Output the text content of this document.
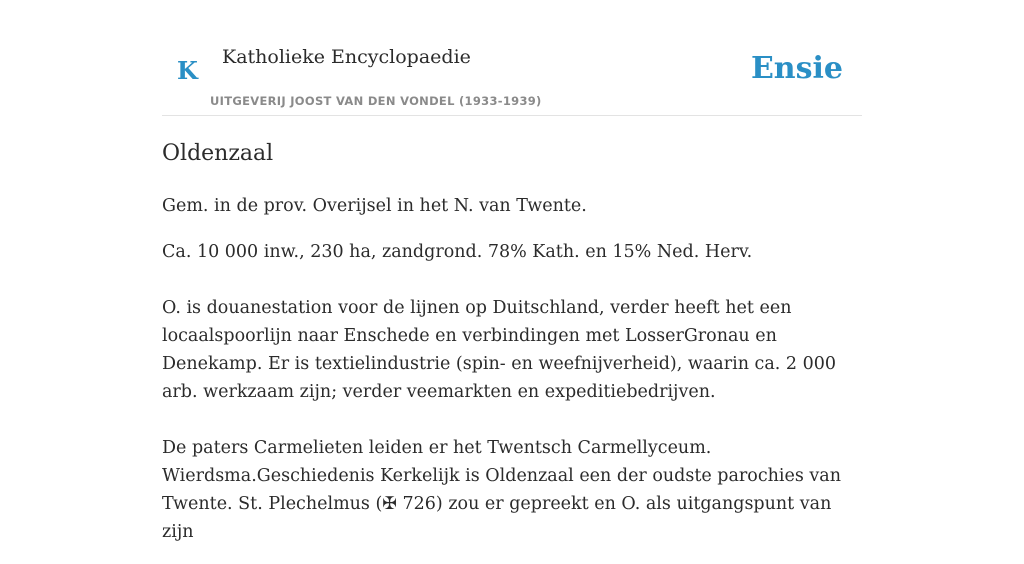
K Katholieke Encyclopaedie
UITGEVERIJ JOOST VAN DEN VONDEL (1933-1939)
Ensie
Oldenzaal

Gem. in de prov. Overijsel in het N. van Twente.

Ca. 10 000 inw., 230 ha, zandgrond. 78% Kath. en 15% Ned. Herv.

O. is douanestation voor de lijnen op Duitschland, verder heeft het een locaalspoorlijn naar Enschede en verbindingen met LosserGronau en Denekamp. Er is textielindustrie (spin- en weefnijverheid), waarin ca. 2 000 arb. werkzaam zijn; verder veemarkten en expeditiebedrijven.

De paters Carmelieten leiden er het Twentsch Carmellyceum. Wierdsma.Geschiedenis Kerkelijk is Oldenzaal een der oudste parochies van Twente. St. Plechelmus (✠ 726) zou er gepreekt en O. als uitgangspunt van zijn
